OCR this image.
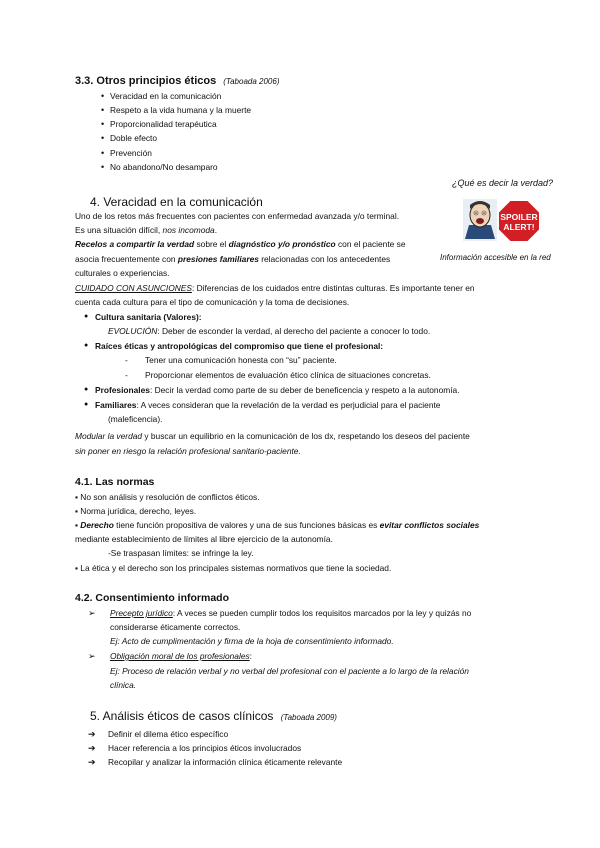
3.3. Otros principios éticos (Taboada 2006)
• Veracidad en la comunicación
• Respeto a la vida humana y la muerte
• Proporcionalidad terapéutica
• Doble efecto
• Prevención
• No abandono/No desamparo
¿Qué es decir la verdad?
SPOILER
ALERT!
Información accesible en la red
4. Veracidad en la comunicación
Uno de los retos más frecuentes con pacientes con enfermedad avanzada y/o terminal.
Es una situación difícil, nos incomoda.
Recelos a compartir la verdad sobre el diagnóstico y/o pronóstico con el paciente se
asocia frecuentemente con presiones familiares relacionadas con los antecedentes
culturales o experiencias.
CUIDADO CON ASUNCIONES: Diferencias de los cuidados entre distintas culturas. Es importante tener en
cuenta cada cultura para el tipo de comunicación y la toma de decisiones.
● Cultura sanitaria (Valores):
EVOLUCIÓN: Deber de esconder la verdad, al derecho del paciente a conocer lo todo.
● Raíces éticas y antropológicas del compromiso que tiene el profesional:
- Tener una comunicación honesta con “su” paciente.
- Proporcionar elementos de evaluación ético clínica de situaciones concretas.
● Profesionales: Decir la verdad como parte de su deber de beneficencia y respeto a la autonomía.
● Familiares: A veces consideran que la revelación de la verdad es perjudicial para el paciente
(maleficencia).
Modular la verdad y buscar un equilibrio en la comunicación de los dx, respetando los deseos del paciente
sin poner en riesgo la relación profesional sanitario-paciente.
4.1. Las normas
▪ No son análisis y resolución de conflictos éticos.
▪ Norma jurídica, derecho, leyes.
▪ Derecho tiene función propositiva de valores y una de sus funciones básicas es evitar conflictos sociales
mediante establecimiento de límites al libre ejercicio de la autonomía.
-Se traspasan límites: se infringe la ley.
▪ La ética y el derecho son los principales sistemas normativos que tiene la sociedad.
4.2. Consentimiento informado
➢ Precepto jurídico: A veces se pueden cumplir todos los requisitos marcados por la ley y quizás no
considerarse éticamente correctos.
Ej: Acto de cumplimentación y firma de la hoja de consentimiento informado.
➢ Obligación moral de los profesionales:
Ej: Proceso de relación verbal y no verbal del profesional con el paciente a lo largo de la relación
clínica.
5. Análisis éticos de casos clínicos (Taboada 2009)
➔ Definir el dilema ético específico
➔ Hacer referencia a los principios éticos involucrados
➔ Recopilar y analizar la información clínica éticamente relevante
